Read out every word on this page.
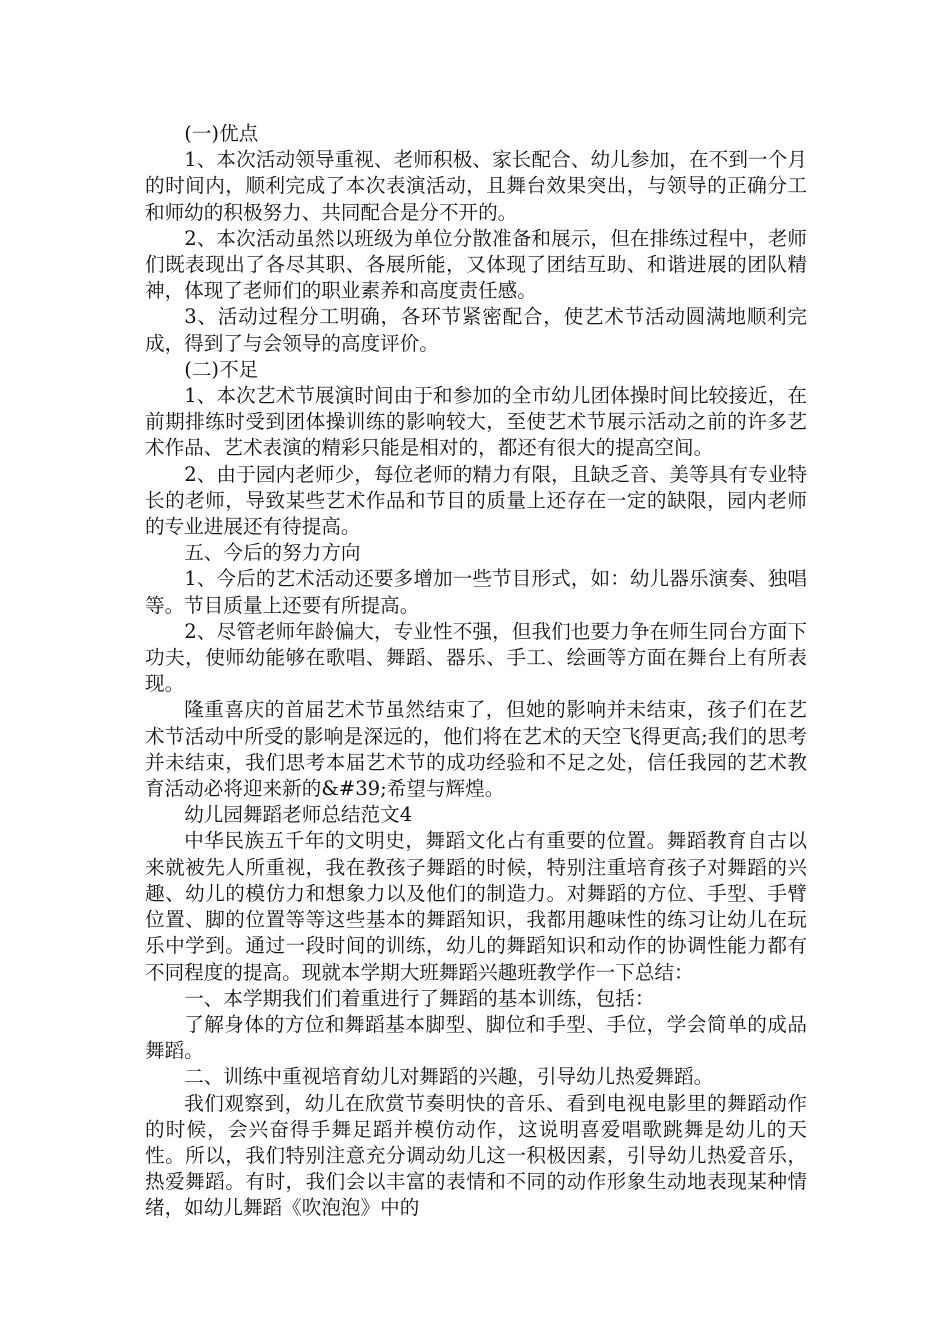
(一)优点

1、本次活动领导重视、老师积极、家长配合、幼儿参加，在不到一个月的时间内，顺利完成了本次表演活动，且舞台效果突出，与领导的正确分工和师幼的积极努力、共同配合是分不开的。

2、本次活动虽然以班级为单位分散准备和展示，但在排练过程中，老师们既表现出了各尽其职、各展所能，又体现了团结互助、和谐进展的团队精神，体现了老师们的职业素养和高度责任感。

3、活动过程分工明确，各环节紧密配合，使艺术节活动圆满地顺利完成，得到了与会领导的高度评价。

(二)不足

1、本次艺术节展演时间由于和参加的全市幼儿团体操时间比较接近，在前期排练时受到团体操训练的影响较大，至使艺术节展示活动之前的许多艺术作品、艺术表演的精彩只能是相对的，都还有很大的提高空间。

2、由于园内老师少，每位老师的精力有限，且缺乏音、美等具有专业特长的老师，导致某些艺术作品和节目的质量上还存在一定的缺限，园内老师的专业进展还有待提高。

五、今后的努力方向

1、今后的艺术活动还要多增加一些节目形式，如：幼儿器乐演奏、独唱等。节目质量上还要有所提高。

2、尽管老师年龄偏大，专业性不强，但我们也要力争在师生同台方面下功夫，使师幼能够在歌唱、舞蹈、器乐、手工、绘画等方面在舞台上有所表现。

隆重喜庆的首届艺术节虽然结束了，但她的影响并未结束，孩子们在艺术节活动中所受的影响是深远的，他们将在艺术的天空飞得更高;我们的思考并未结束，我们思考本届艺术节的成功经验和不足之处，信任我园的艺术教育活动必将迎来新的&#39;希望与辉煌。

幼儿园舞蹈老师总结范文4

中华民族五千年的文明史，舞蹈文化占有重要的位置。舞蹈教育自古以来就被先人所重视，我在教孩子舞蹈的时候，特别注重培育孩子对舞蹈的兴趣、幼儿的模仿力和想象力以及他们的制造力。对舞蹈的方位、手型、手臂位置、脚的位置等等这些基本的舞蹈知识，我都用趣味性的练习让幼儿在玩乐中学到。通过一段时间的训练，幼儿的舞蹈知识和动作的协调性能力都有不同程度的提高。现就本学期大班舞蹈兴趣班教学作一下总结：

一、本学期我们们着重进行了舞蹈的基本训练，包括：

了解身体的方位和舞蹈基本脚型、脚位和手型、手位，学会简单的成品舞蹈。

二、训练中重视培育幼儿对舞蹈的兴趣，引导幼儿热爱舞蹈。

我们观察到，幼儿在欣赏节奏明快的音乐、看到电视电影里的舞蹈动作的时候，会兴奋得手舞足蹈并模仿动作，这说明喜爱唱歌跳舞是幼儿的天性。所以，我们特别注意充分调动幼儿这一积极因素，引导幼儿热爱音乐，热爱舞蹈。有时，我们会以丰富的表情和不同的动作形象生动地表现某种情绪，如幼儿舞蹈《吹泡泡》中的
